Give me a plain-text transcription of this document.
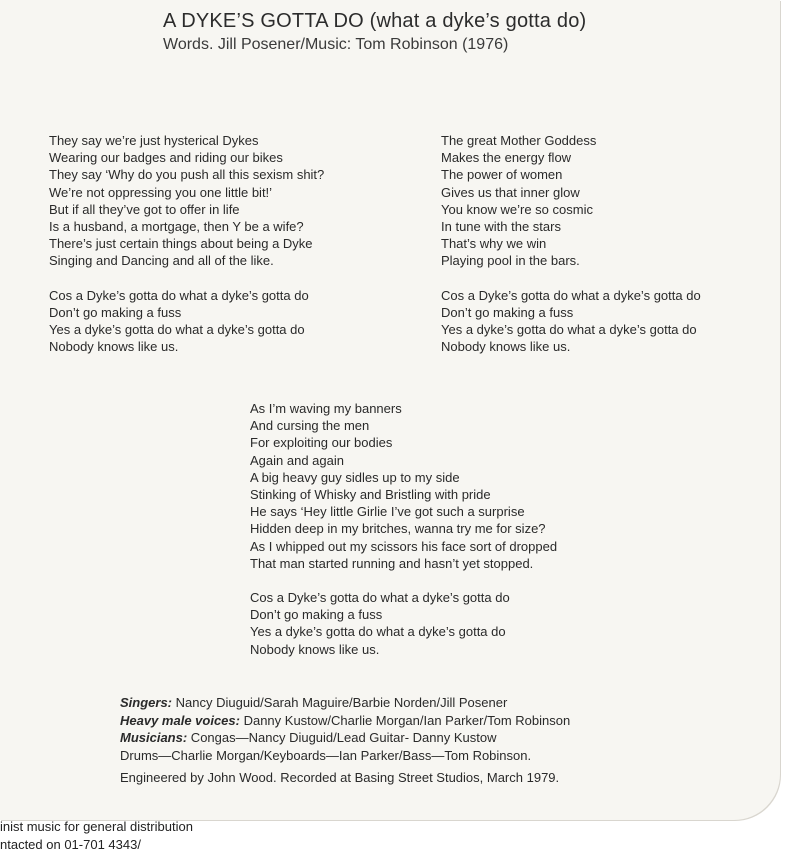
A DYKE’S GOTTA DO (what a dyke’s gotta do)
Words. Jill Posener/Music: Tom Robinson (1976)
They say we’re just hysterical Dykes
Wearing our badges and riding our bikes
They say ‘Why do you push all this sexism shit?
We’re not oppressing you one little bit!’
But if all they’ve got to offer in life
Is a husband, a mortgage, then Y be a wife?
There’s just certain things about being a Dyke
Singing and Dancing and all of the like.
Cos a Dyke’s gotta do what a dyke’s gotta do
Don’t go making a fuss
Yes a dyke’s gotta do what a dyke’s gotta do
Nobody knows like us.
The great Mother Goddess
Makes the energy flow
The power of women
Gives us that inner glow
You know we’re so cosmic
In tune with the stars
That’s why we win
Playing pool in the bars.
Cos a Dyke’s gotta do what a dyke’s gotta do
Don’t go making a fuss
Yes a dyke’s gotta do what a dyke’s gotta do
Nobody knows like us.
As I’m waving my banners
And cursing the men
For exploiting our bodies
Again and again
A big heavy guy sidles up to my side
Stinking of Whisky and Bristling with pride
He says ‘Hey little Girlie I’ve got such a surprise
Hidden deep in my britches, wanna try me for size?
As I whipped out my scissors his face sort of dropped
That man started running and hasn’t yet stopped.
Cos a Dyke’s gotta do what a dyke’s gotta do
Don’t go making a fuss
Yes a dyke’s gotta do what a dyke’s gotta do
Nobody knows like us.
Singers: Nancy Diuguid/Sarah Maguire/Barbie Norden/Jill Posener
Heavy male voices: Danny Kustow/Charlie Morgan/Ian Parker/Tom Robinson
Musicians: Congas—Nancy Diuguid/Lead Guitar- Danny Kustow
Drums—Charlie Morgan/Keyboards—Ian Parker/Bass—Tom Robinson.
Engineered by John Wood. Recorded at Basing Street Studios, March 1979.
inist music for general distribution
ntacted on 01-701 4343/
